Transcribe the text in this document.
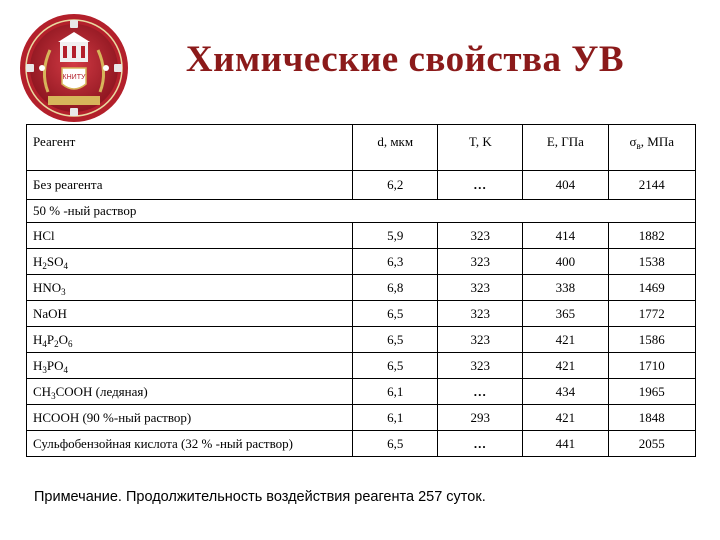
КНИТУ	Химические свойства УВ
Реагент	d, мкм	T, K	E, ГПа	$\sigma_в$, МПа
Без реагента	6,2	…	404	2144
50 % -ный раствор				
HCl	5,9	323	414	1882
$H_2SO_4$	6,3	323	400	1538
$HNO_3$	6,8	323	338	1469
NaOH	6,5	323	365	1772
$H_4P_2O_6$	6,5	323	421	1586
$H_3PO_4$	6,5	323	421	1710
$CH_3COOH$ (ледяная)	6,1	…	434	1965
HCOOH (90 %-ный раствор)	6,1	293	421	1848
Сульфобензойная кислота (32 % -ный раствор)	6,5	...	441	2055
Примечание. Продолжительность воздействия реагента 257 суток.
